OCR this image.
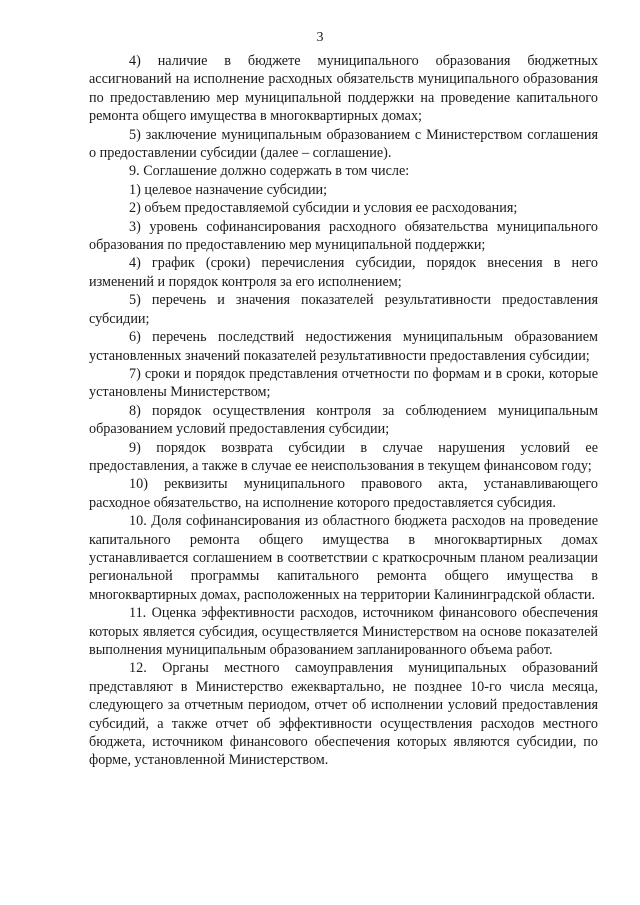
3

4) наличие в бюджете муниципального образования бюджетных ассигнований на исполнение расходных обязательств муниципального образования по предоставлению мер муниципальной поддержки на проведение капитального ремонта общего имущества в многоквартирных домах;

5) заключение муниципальным образованием с Министерством соглашения о предоставлении субсидии (далее – соглашение).

9. Соглашение должно содержать в том числе:

1) целевое назначение субсидии;

2) объем предоставляемой субсидии и условия ее расходования;

3) уровень софинансирования расходного обязательства муниципального образования по предоставлению мер муниципальной поддержки;

4) график (сроки) перечисления субсидии, порядок внесения в него изменений и порядок контроля за его исполнением;

5) перечень и значения показателей результативности предоставления субсидии;

6) перечень последствий недостижения муниципальным образованием установленных значений показателей результативности предоставления субсидии;

7) сроки и порядок представления отчетности по формам и в сроки, которые установлены Министерством;

8) порядок осуществления контроля за соблюдением муниципальным образованием условий предоставления субсидии;

9) порядок возврата субсидии в случае нарушения условий ее предоставления, а также в случае ее неиспользования в текущем финансовом году;

10) реквизиты муниципального правового акта, устанавливающего расходное обязательство, на исполнение которого предоставляется субсидия.

10. Доля софинансирования из областного бюджета расходов на проведение капитального ремонта общего имущества в многоквартирных домах устанавливается соглашением в соответствии с краткосрочным планом реализации региональной программы капитального ремонта общего имущества в многоквартирных домах, расположенных на территории Калининградской области.

11. Оценка эффективности расходов, источником финансового обеспечения которых является субсидия, осуществляется Министерством на основе показателей выполнения муниципальным образованием запланированного объема работ.

12. Органы местного самоуправления муниципальных образований представляют в Министерство ежеквартально, не позднее 10-го числа месяца, следующего за отчетным периодом, отчет об исполнении условий предоставления субсидий, а также отчет об эффективности осуществления расходов местного бюджета, источником финансового обеспечения которых являются субсидии, по форме, установленной Министерством.
